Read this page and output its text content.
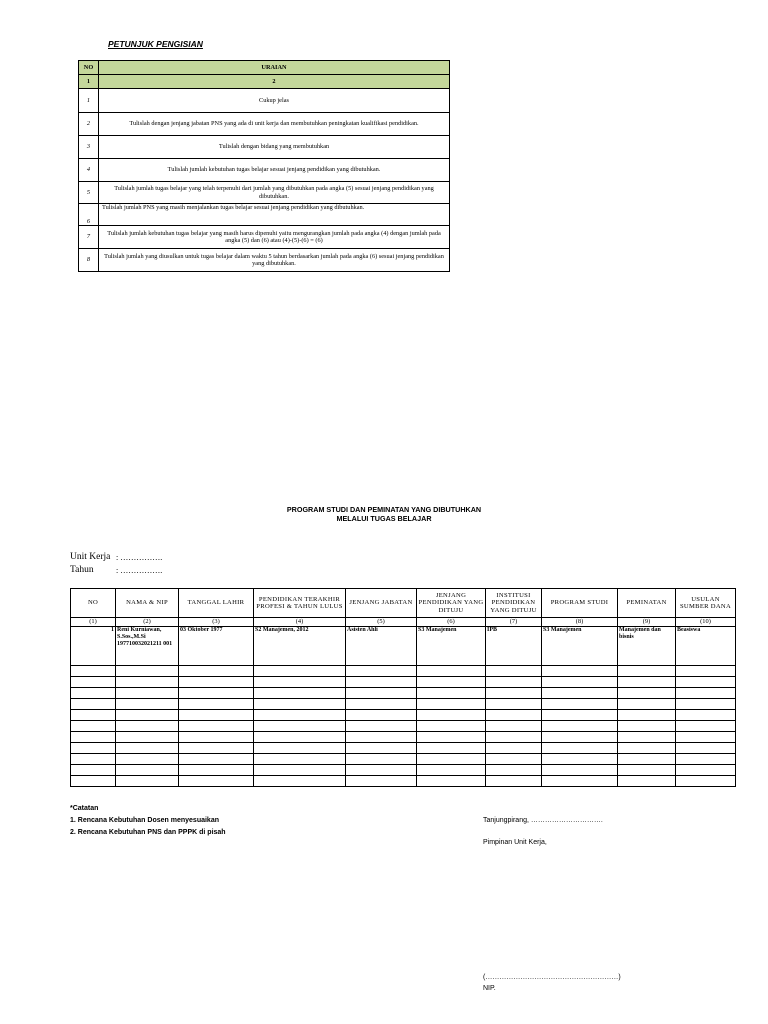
PETUNJUK PENGISIAN
NO	URAIAN
1	2
1	Cukup jelas
2	Tulislah dengan jenjang jabatan PNS yang ada di unit kerja dan membutuhkan peningkatan kualifikasi pendidikan.
3	Tulislah dengan bidang yang membutuhkan
4	Tulislah jumlah kebutuhan tugas belajar sesuai jenjang pendidikan yang dibutuhkan.
5	Tulislah jumlah tugas belajar yang telah terpenuhi dari jumlah yang dibutuhkan pada angka (5) sesuai jenjang pendidikan yang dibutuhkan.
6	Tulislah jumlah PNS yang masih menjalankan tugas belajar sesuai jenjang pendidikan yang dibutuhkan.
7	Tulislah jumlah kebutuhan tugas belajar yang masih harus dipenuhi yaitu mengurangkan jumlah pada angka (4) dengan jumlah pada angka (5) dan (6) atau (4)-(5)-(6) = (6)
8	Tulislah jumlah yang diusulkan untuk tugas belajar dalam waktu 5 tahun berdasarkan jumlah pada angka (6) sesuai jenjang pendidikan yang dibutuhkan.
PROGRAM STUDI DAN PEMINATAN YANG DIBUTUHKAN
MELALUI TUGAS BELAJAR
Unit Kerja : …………….
Tahun	: …………….
NO	NAMA & NIP	TANGGAL LAHIR	PENDIDIKAN TERAKHIR PROFESI & TAHUN LULUS	JENJANG JABATAN	JENJANG PENDIDIKAN YANG DITUJU	INSTITUSI PENDIDIKAN YANG DITUJU	PROGRAM STUDI	PEMINATAN	USULAN SUMBER DANA
(1)	(2)	(3)	(4)	(5)	(6)	(7)	(8)	(9)	(10)
1	Reni Kurniawan, S.Sos.,M.Si 197710032021211 001	03 Oktober 1977	S2 Manajemen, 2012	Asisten Ahli	S3 Manajemen	IPB	S3 Manajemen	Manajemen dan bisnis	Beasiswa

*Catatan
1. Rencana Kebutuhan Dosen menyesuaikan
2. Rencana Kebutuhan PNS dan PPPK di pisah
Tanjungpirang, ………………………….
Pimpinan Unit Kerja,
(…………………………………………………)
NIP.
